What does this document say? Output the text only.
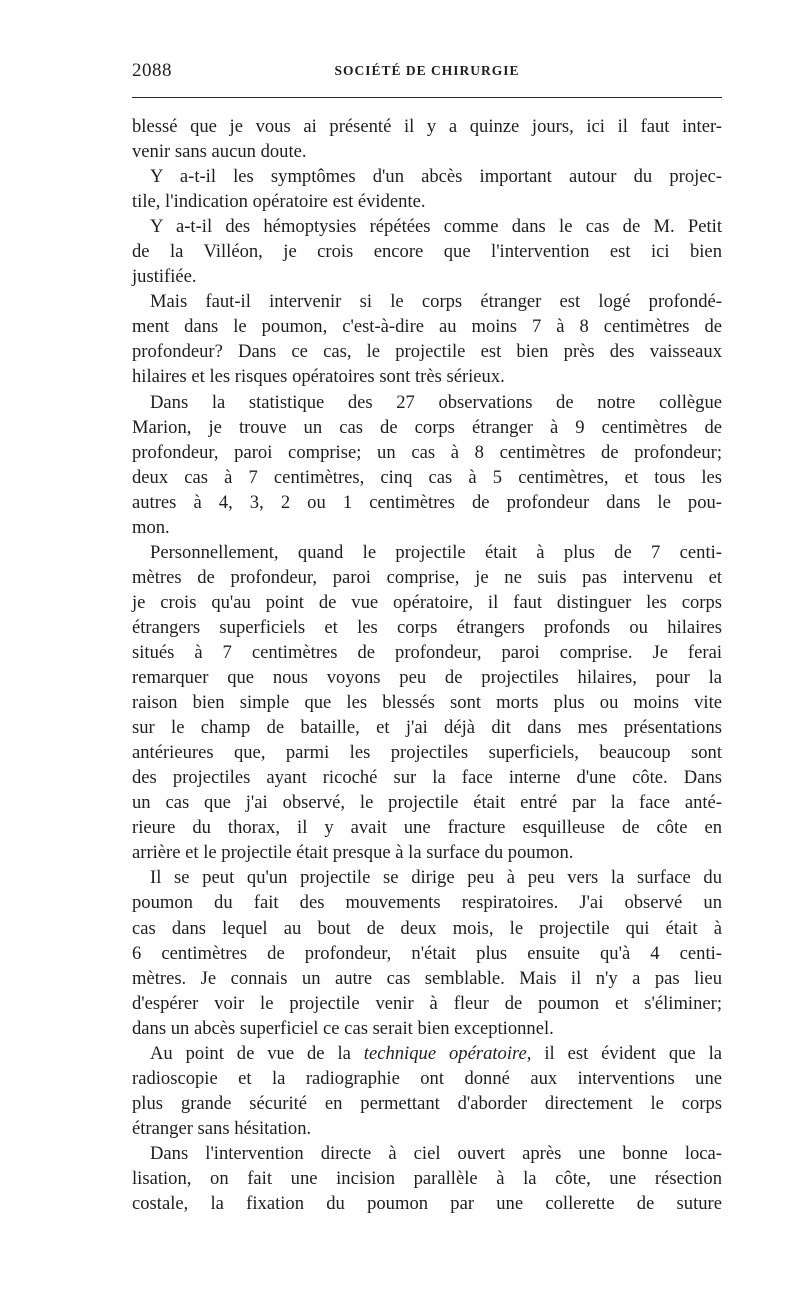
2088	SOCIÉTÉ DE CHIRURGIE
blessé que je vous ai présenté il y a quinze jours, ici il faut inter-
venir sans aucun doute.
Y a-t-il les symptômes d'un abcès important autour du projec-
tile, l'indication opératoire est évidente.
Y a-t-il des hémoptysies répétées comme dans le cas de M. Petit
de la Villéon, je crois encore que l'intervention est ici bien
justifiée.
Mais faut-il intervenir si le corps étranger est logé profondé-
ment dans le poumon, c'est-à-dire au moins 7 à 8 centimètres de
profondeur? Dans ce cas, le projectile est bien près des vaisseaux
hilaires et les risques opératoires sont très sérieux.
Dans la statistique des 27 observations de notre collègue
Marion, je trouve un cas de corps étranger à 9 centimètres de
profondeur, paroi comprise; un cas à 8 centimètres de profondeur;
deux cas à 7 centimètres, cinq cas à 5 centimètres, et tous les
autres à 4, 3, 2 ou 1 centimètres de profondeur dans le pou-
mon.
Personnellement, quand le projectile était à plus de 7 centi-
mètres de profondeur, paroi comprise, je ne suis pas intervenu et
je crois qu'au point de vue opératoire, il faut distinguer les corps
étrangers superficiels et les corps étrangers profonds ou hilaires
situés à 7 centimètres de profondeur, paroi comprise. Je ferai
remarquer que nous voyons peu de projectiles hilaires, pour la
raison bien simple que les blessés sont morts plus ou moins vite
sur le champ de bataille, et j'ai déjà dit dans mes présentations
antérieures que, parmi les projectiles superficiels, beaucoup sont
des projectiles ayant ricoché sur la face interne d'une côte. Dans
un cas que j'ai observé, le projectile était entré par la face anté-
rieure du thorax, il y avait une fracture esquilleuse de côte en
arrière et le projectile était presque à la surface du poumon.
Il se peut qu'un projectile se dirige peu à peu vers la surface du
poumon du fait des mouvements respiratoires. J'ai observé un
cas dans lequel au bout de deux mois, le projectile qui était à
6 centimètres de profondeur, n'était plus ensuite qu'à 4 centi-
mètres. Je connais un autre cas semblable. Mais il n'y a pas lieu
d'espérer voir le projectile venir à fleur de poumon et s'éliminer;
dans un abcès superficiel ce cas serait bien exceptionnel.
Au point de vue de la technique opératoire, il est évident que la
radioscopie et la radiographie ont donné aux interventions une
plus grande sécurité en permettant d'aborder directement le corps
étranger sans hésitation.
Dans l'intervention directe à ciel ouvert après une bonne loca-
lisation, on fait une incision parallèle à la côte, une résection
costale, la fixation du poumon par une collerette de suture
